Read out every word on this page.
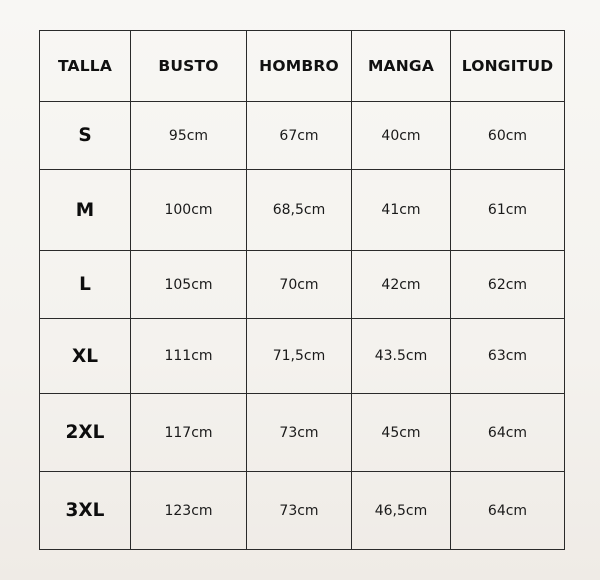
TALLA	BUSTO	HOMBRO	MANGA	LONGITUD
S	95cm	67cm	40cm	60cm
M	100cm	68,5cm	41cm	61cm
L	105cm	70cm	42cm	62cm
XL	111cm	71,5cm	43.5cm	63cm
2XL	117cm	73cm	45cm	64cm
3XL	123cm	73cm	46,5cm	64cm
